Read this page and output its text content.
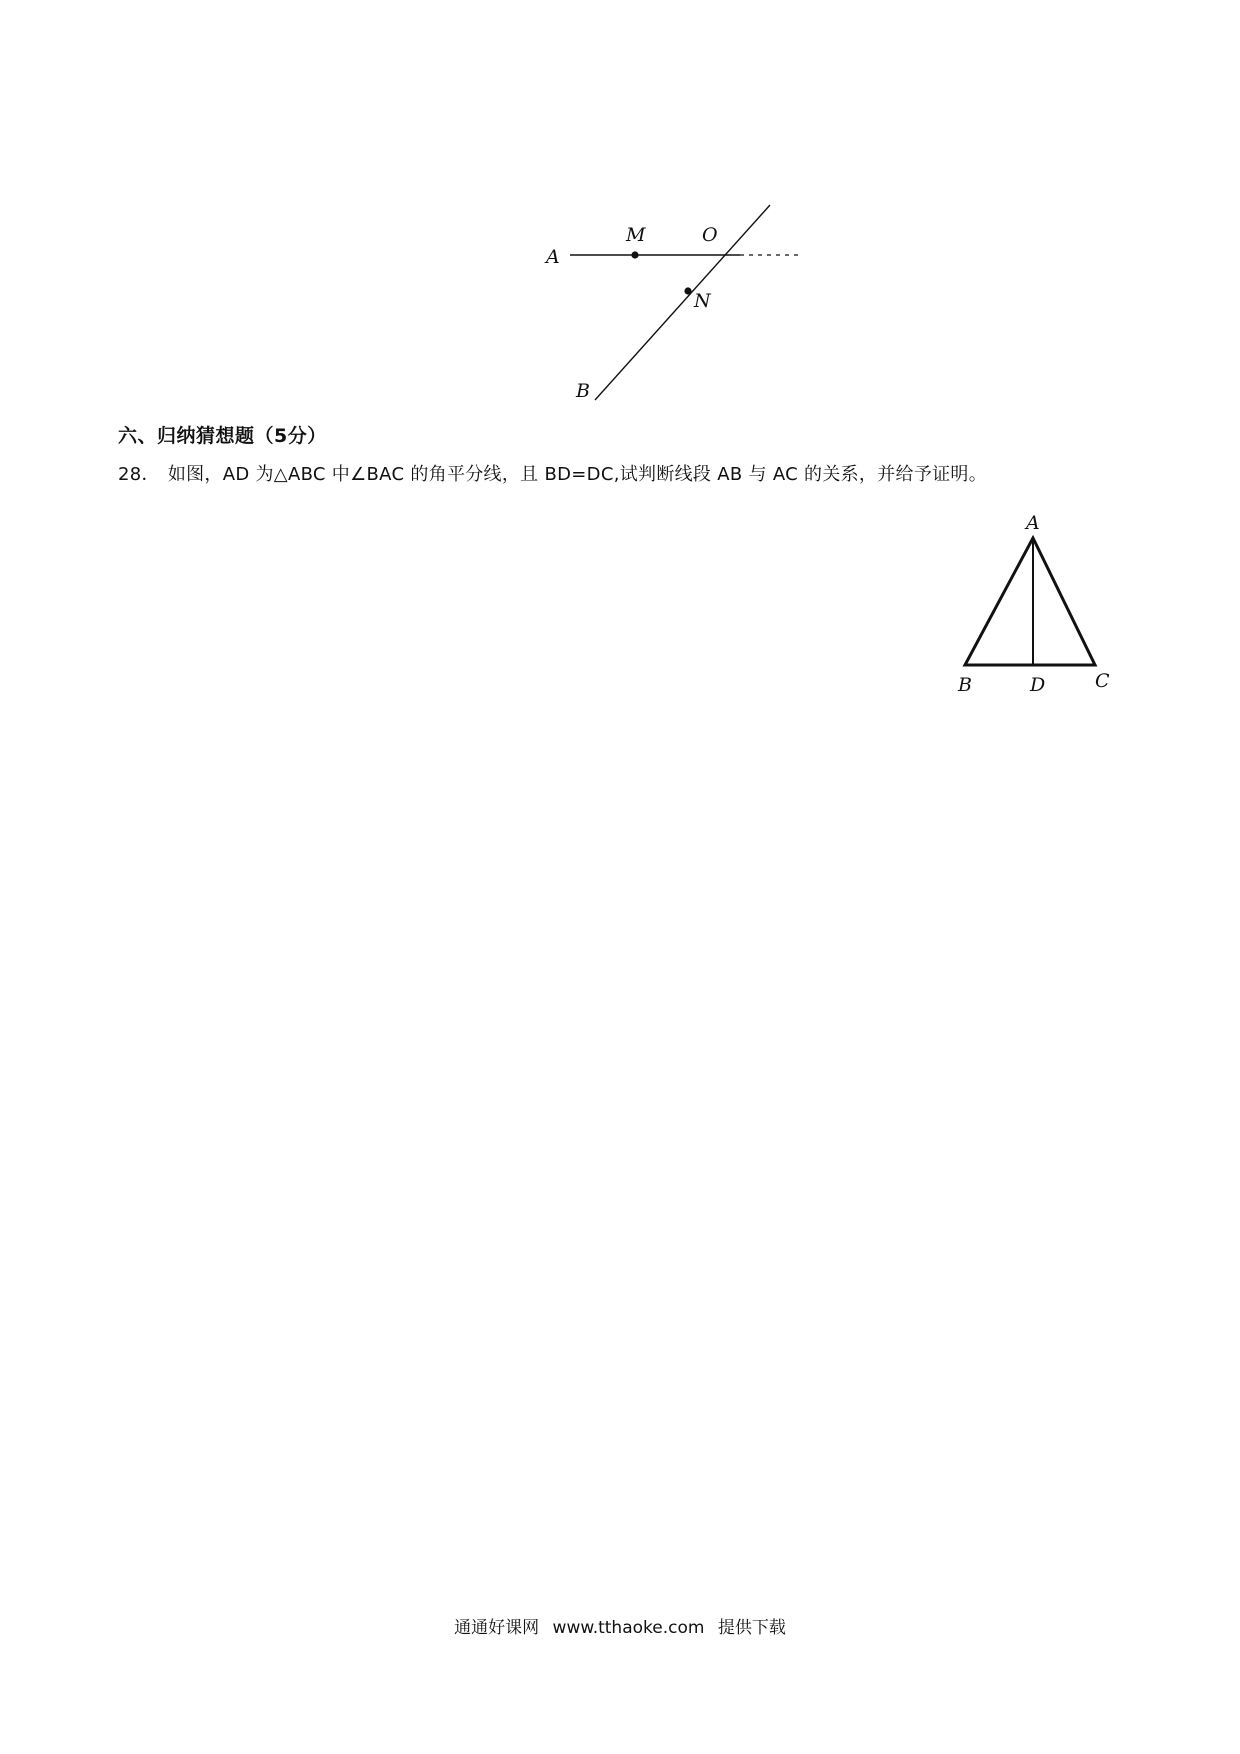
A
M	O
N
B
六、归纳猜想题（5分）
28． 如图，AD 为△ABC 中∠BAC 的角平分线，且 BD=DC,试判断线段 AB 与 AC 的关系，并给予证明。
A
B	D	C
通通好课网 www.tthaoke.com 提供下载
